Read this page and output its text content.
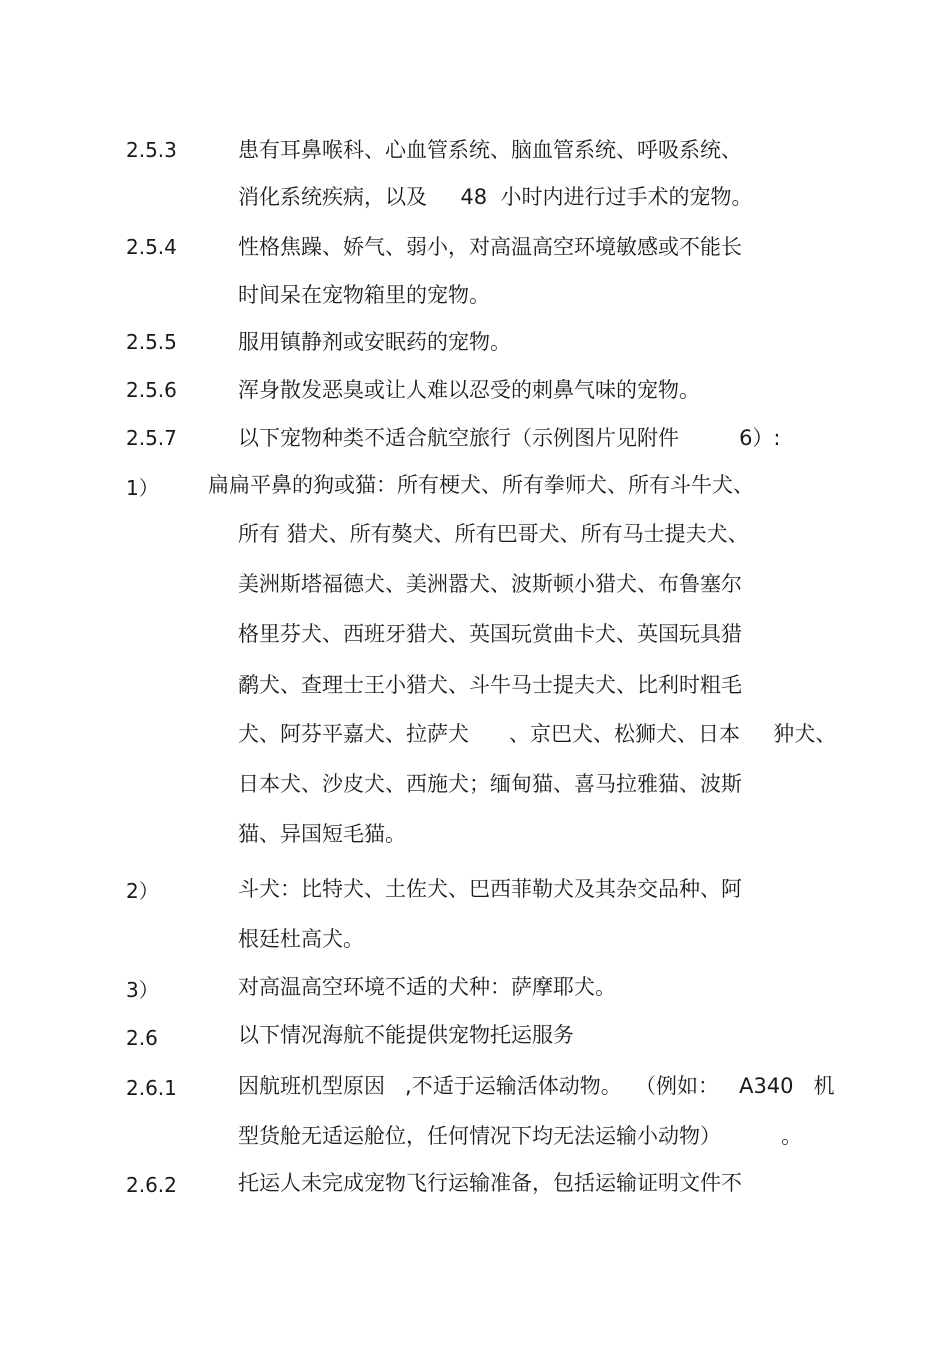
2.5.3	患有耳鼻喉科、心血管系统、脑血管系统、呼吸系统、
消化系统疾病，以及     48  小时内进行过手术的宠物。
2.5.4	性格焦躁、娇气、弱小，对高温高空环境敏感或不能长
时间呆在宠物箱里的宠物。
2.5.5	服用镇静剂或安眠药的宠物。
2.5.6	浑身散发恶臭或让人难以忍受的刺鼻气味的宠物。
2.5.7	以下宠物种类不适合航空旅行（示例图片见附件         6）:
1） 扁扁平鼻的狗或猫：所有梗犬、所有拳师犬、所有斗牛犬、
所有 猎犬、所有獒犬、所有巴哥犬、所有马士提夫犬、
美洲斯塔福德犬、美洲嚣犬、波斯顿小猎犬、布鲁塞尔
格里芬犬、西班牙猎犬、英国玩赏曲卡犬、英国玩具猎
鹬犬、查理士王小猎犬、斗牛马士提夫犬、比利时粗毛
犬、阿芬平嘉犬、拉萨犬      、京巴犬、松狮犬、日本     狆犬、
日本犬、沙皮犬、西施犬；缅甸猫、喜马拉雅猫、波斯
猫、异国短毛猫。
2）	斗犬：比特犬、土佐犬、巴西菲勒犬及其杂交品种、阿
根廷杜高犬。
3）	对高温高空环境不适的犬种：萨摩耶犬。
2.6	以下情况海航不能提供宠物托运服务
2.6.1	因航班机型原因   ,不适于运输活体动物。  （例如：   A340   机
型货舱无适运舱位，任何情况下均无法运输小动物）         。
2.6.2	托运人未完成宠物飞行运输准备，包括运输证明文件不
